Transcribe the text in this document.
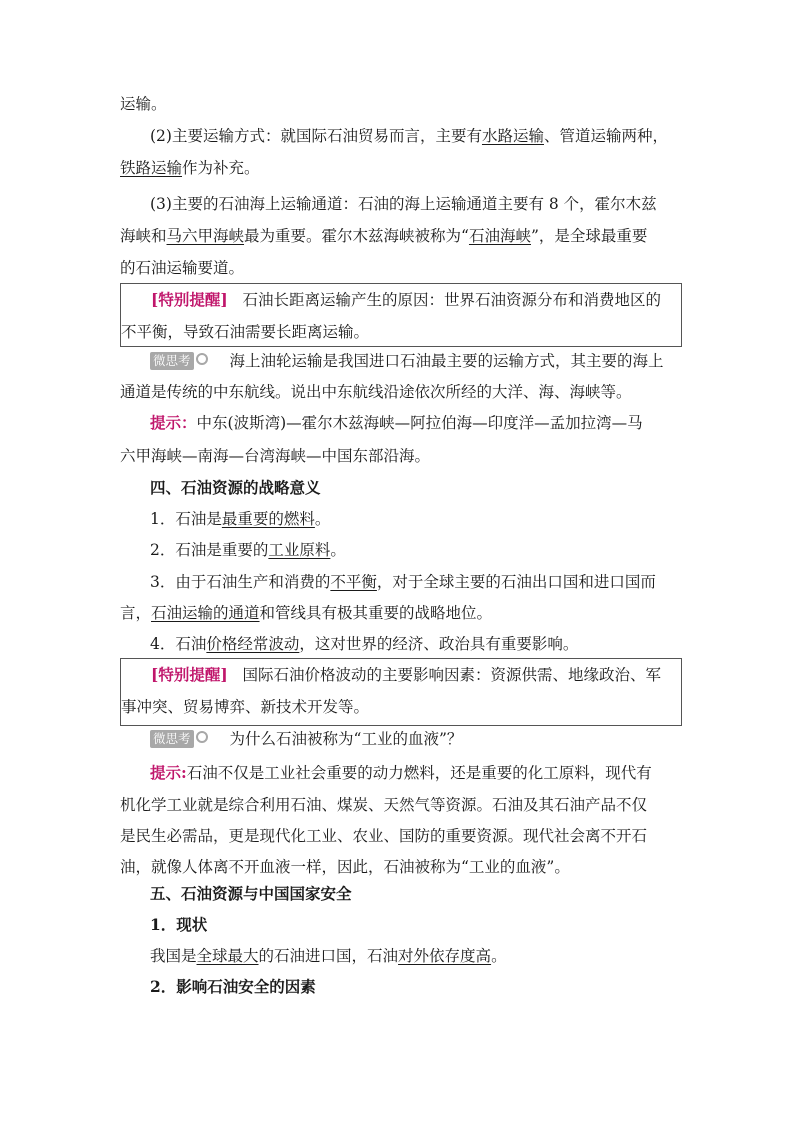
运输。

(2)主要运输方式：就国际石油贸易而言，主要有水路运输、管道运输两种，

铁路运输作为补充。

(3)主要的石油海上运输通道：石油的海上运输通道主要有 8 个，霍尔木兹

海峡和马六甲海峡最为重要。霍尔木兹海峡被称为“石油海峡”，是全球最重要

的石油运输要道。

[特别提醒] 石油长距离运输产生的原因：世界石油资源分布和消费地区的

不平衡，导致石油需要长距离运输。

微思考	海上油轮运输是我国进口石油最主要的运输方式，其主要的海上

通道是传统的中东航线。说出中东航线沿途依次所经的大洋、海、海峡等。

提示：中东(波斯湾)—霍尔木兹海峡—阿拉伯海—印度洋—孟加拉湾—马

六甲海峡—南海—台湾海峡—中国东部沿海。

四、石油资源的战略意义

1．石油是最重要的燃料。

2．石油是重要的工业原料。

3．由于石油生产和消费的不平衡，对于全球主要的石油出口国和进口国而

言，石油运输的通道和管线具有极其重要的战略地位。

4．石油价格经常波动，这对世界的经济、政治具有重要影响。

[特别提醒] 国际石油价格波动的主要影响因素：资源供需、地缘政治、军

事冲突、贸易博弈、新技术开发等。

微思考	为什么石油被称为“工业的血液”？

提示:石油不仅是工业社会重要的动力燃料，还是重要的化工原料，现代有

机化学工业就是综合利用石油、煤炭、天然气等资源。石油及其石油产品不仅

是民生必需品，更是现代化工业、农业、国防的重要资源。现代社会离不开石

油，就像人体离不开血液一样，因此，石油被称为“工业的血液”。

五、石油资源与中国国家安全

1．现状

我国是全球最大的石油进口国，石油对外依存度高。

2．影响石油安全的因素
